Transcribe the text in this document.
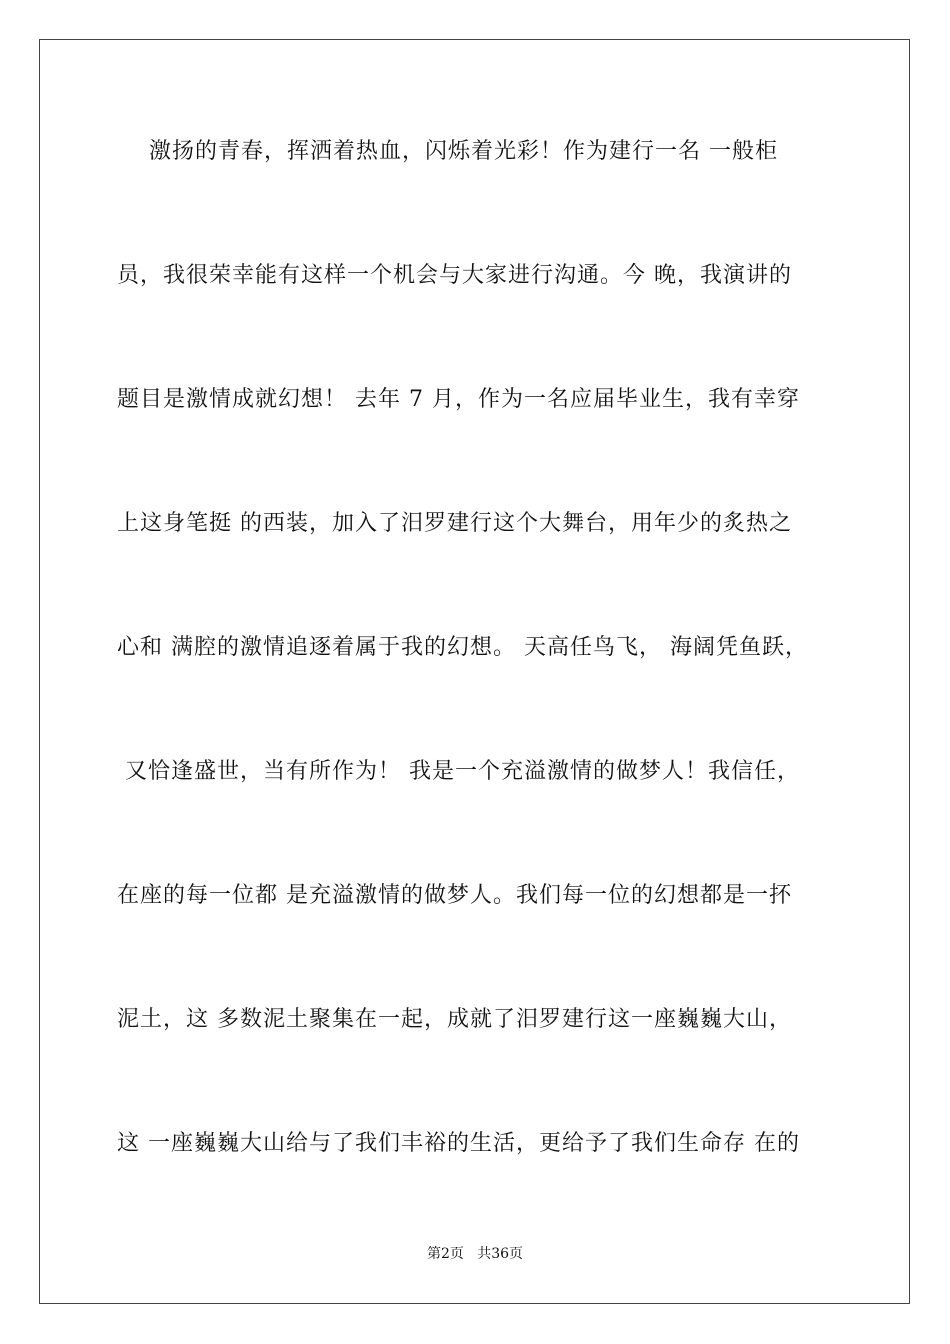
激扬的青春，挥洒着热血，闪烁着光彩！作为建行一名 一般柜
员，我很荣幸能有这样一个机会与大家进行沟通。今 晚，我演讲的
题目是激情成就幻想！ 去年 7 月，作为一名应届毕业生，我有幸穿
上这身笔挺 的西装，加入了汨罗建行这个大舞台，用年少的炙热之
心和 满腔的激情追逐着属于我的幻想。 天高任鸟飞， 海阔凭鱼跃，
又恰逢盛世，当有所作为！ 我是一个充溢激情的做梦人！我信任，
在座的每一位都 是充溢激情的做梦人。我们每一位的幻想都是一抔
泥土，这 多数泥土聚集在一起，成就了汨罗建行这一座巍巍大山，
这 一座巍巍大山给与了我们丰裕的生活，更给予了我们生命存 在的
第2页   共36页
